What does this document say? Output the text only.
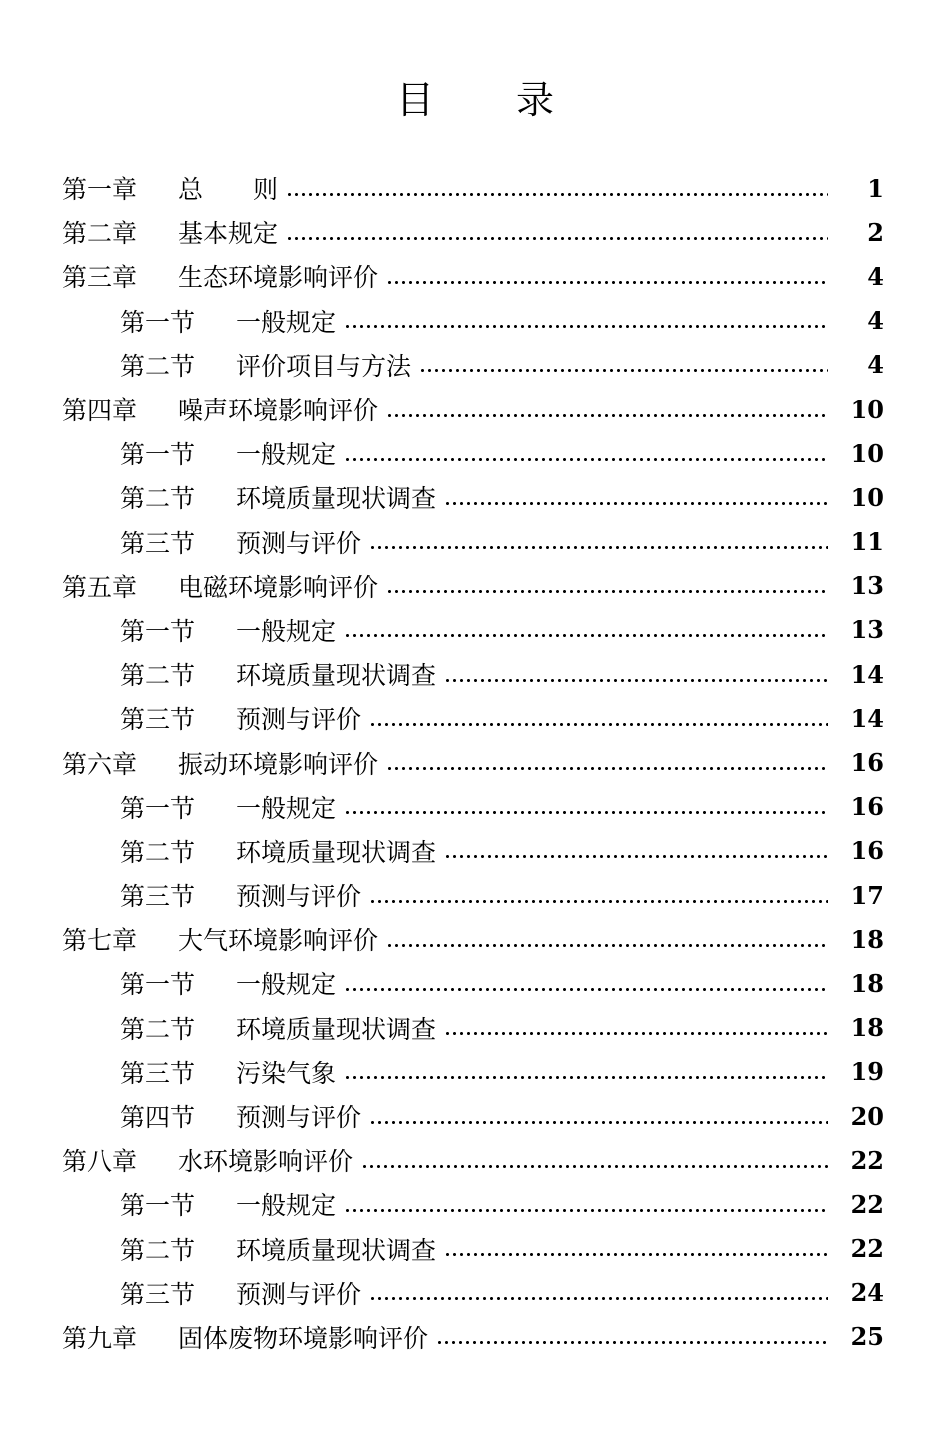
目 录
第一章	总　　则	1
第二章	基本规定	2
第三章	生态环境影响评价	4
第一节	一般规定	4
第二节	评价项目与方法	4
第四章	噪声环境影响评价	10
第一节	一般规定	10
第二节	环境质量现状调查	10
第三节	预测与评价	11
第五章	电磁环境影响评价	13
第一节	一般规定	13
第二节	环境质量现状调查	14
第三节	预测与评价	14
第六章	振动环境影响评价	16
第一节	一般规定	16
第二节	环境质量现状调查	16
第三节	预测与评价	17
第七章	大气环境影响评价	18
第一节	一般规定	18
第二节	环境质量现状调查	18
第三节	污染气象	19
第四节	预测与评价	20
第八章	水环境影响评价	22
第一节	一般规定	22
第二节	环境质量现状调查	22
第三节	预测与评价	24
第九章	固体废物环境影响评价	25
